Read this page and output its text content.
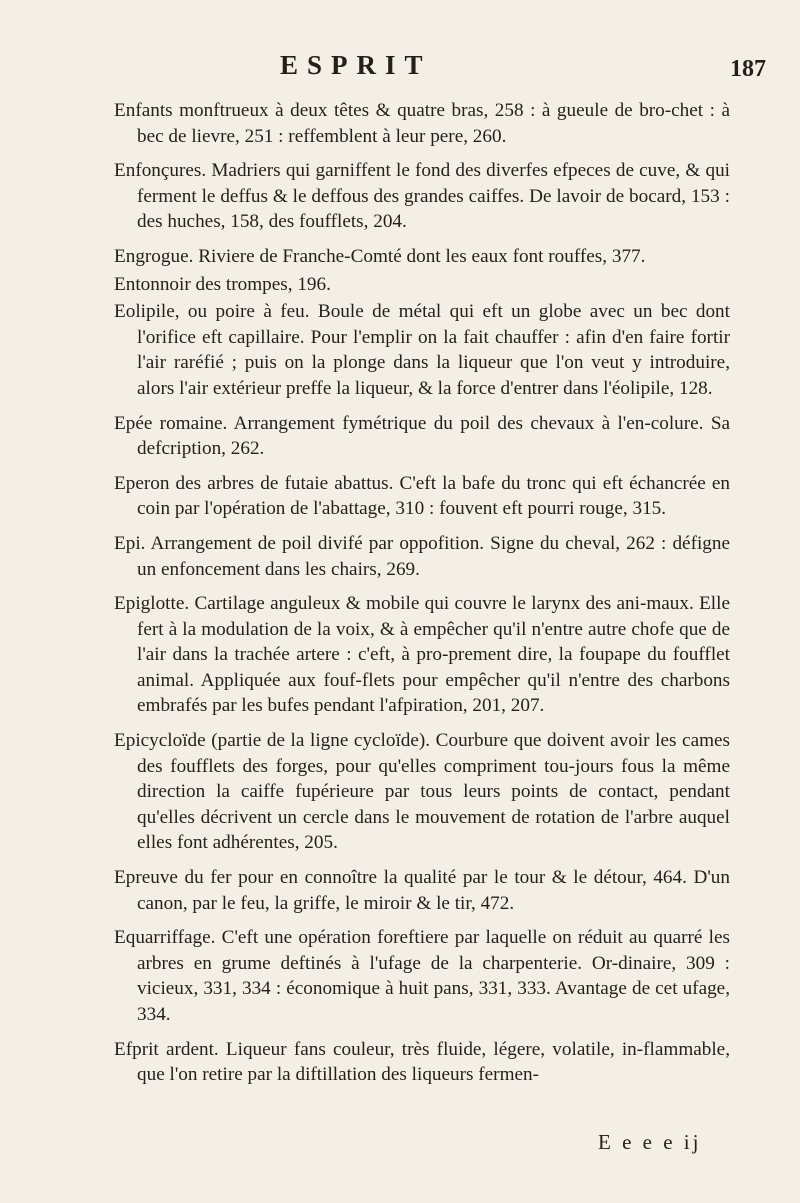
ESPRIT	187

Enfants monftrueux à deux têtes & quatre bras, 258 : à gueule de bro-chet : à bec de lievre, 251 : reffemblent à leur pere, 260.

Enfonçures. Madriers qui garniffent le fond des diverfes efpeces de cuve, & qui ferment le deffus & le deffous des grandes caiffes. De lavoir de bocard, 153 : des huches, 158, des foufflets, 204.

Engrogue. Riviere de Franche-Comté dont les eaux font rouffes, 377.

Entonnoir des trompes, 196.

Eolipile, ou poire à feu. Boule de métal qui eft un globe avec un bec dont l'orifice eft capillaire. Pour l'emplir on la fait chauffer : afin d'en faire fortir l'air raréfié ; puis on la plonge dans la liqueur que l'on veut y introduire, alors l'air extérieur preffe la liqueur, & la force d'entrer dans l'éolipile, 128.

Epée romaine. Arrangement fymétrique du poil des chevaux à l'en-colure. Sa defcription, 262.

Eperon des arbres de futaie abattus. C'eft la bafe du tronc qui eft échancrée en coin par l'opération de l'abattage, 310 : fouvent eft pourri rouge, 315.

Epi. Arrangement de poil divifé par oppofition. Signe du cheval, 262 : défigne un enfoncement dans les chairs, 269.

Epiglotte. Cartilage anguleux & mobile qui couvre le larynx des ani-maux. Elle fert à la modulation de la voix, & à empêcher qu'il n'entre autre chofe que de l'air dans la trachée artere : c'eft, à pro-prement dire, la foupape du foufflet animal. Appliquée aux fouf-flets pour empêcher qu'il n'entre des charbons embrafés par les bufes pendant l'afpiration, 201, 207.

Epicycloïde (partie de la ligne cycloïde). Courbure que doivent avoir les cames des foufflets des forges, pour qu'elles compriment tou-jours fous la même direction la caiffe fupérieure par tous leurs points de contact, pendant qu'elles décrivent un cercle dans le mouvement de rotation de l'arbre auquel elles font adhérentes, 205.

Epreuve du fer pour en connoître la qualité par le tour & le détour, 464. D'un canon, par le feu, la griffe, le miroir & le tir, 472.

Equarriffage. C'eft une opération foreftiere par laquelle on réduit au quarré les arbres en grume deftinés à l'ufage de la charpenterie. Or-dinaire, 309 : vicieux, 331, 334 : économique à huit pans, 331, 333. Avantage de cet ufage, 334.

Efprit ardent. Liqueur fans couleur, très fluide, légere, volatile, in-flammable, que l'on retire par la diftillation des liqueurs fermen-

E e e e ij
